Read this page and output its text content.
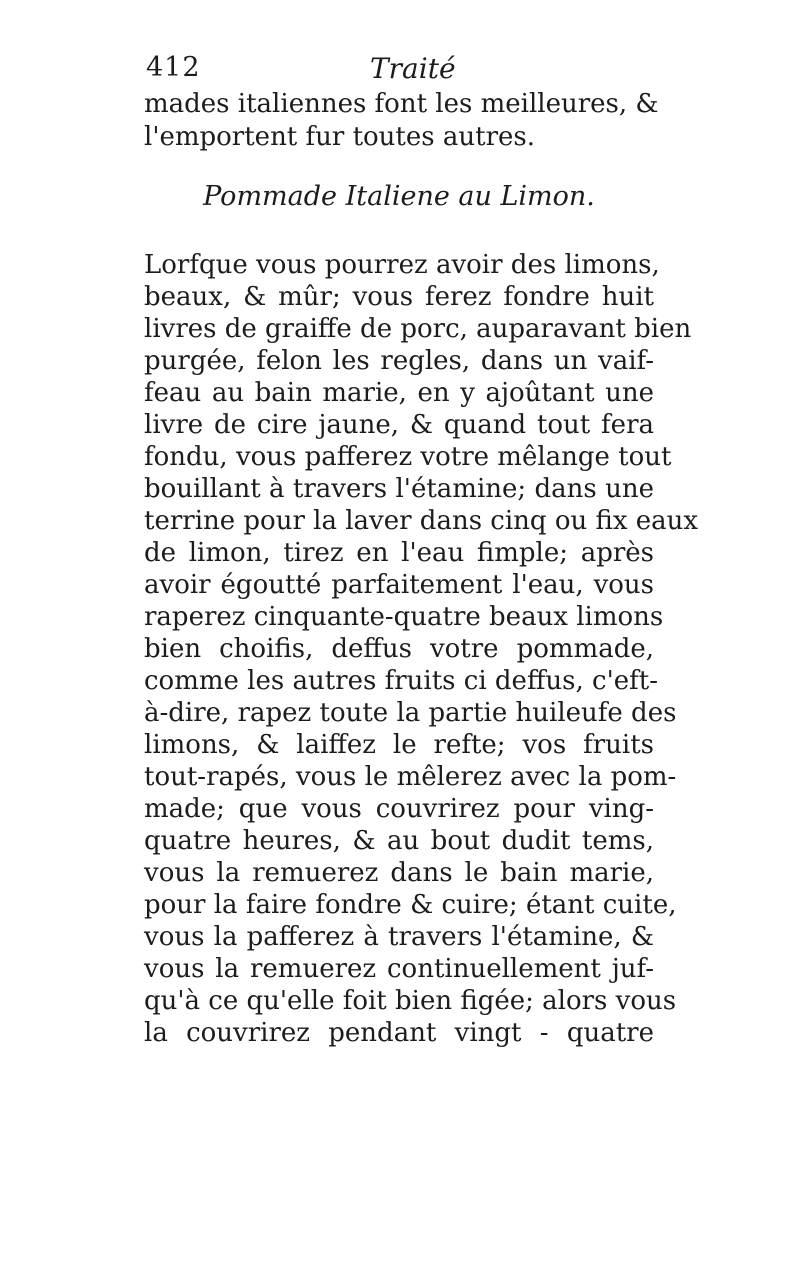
412	Traité
mades italiennes font les meilleures, &
l'emportent fur toutes autres.
Pommade Italiene au Limon.
Lorfque vous pourrez avoir des limons,
beaux, & mûr; vous ferez fondre huit
livres de graiffe de porc, auparavant bien
purgée, felon les regles, dans un vaif-
feau au bain marie, en y ajoûtant une
livre de cire jaune, & quand tout fera
fondu, vous pafferez votre mêlange tout
bouillant à travers l'étamine; dans une
terrine pour la laver dans cinq ou fix eaux
de limon, tirez en l'eau fimple; après
avoir égoutté parfaitement l'eau, vous
raperez cinquante-quatre beaux limons
bien choifis, deffus votre pommade,
comme les autres fruits ci deffus, c'eft-
à-dire, rapez toute la partie huileufe des
limons, & laiffez le refte; vos fruits
tout-rapés, vous le mêlerez avec la pom-
made; que vous couvrirez pour ving-
quatre heures, & au bout dudit tems,
vous la remuerez dans le bain marie,
pour la faire fondre & cuire; étant cuite,
vous la pafferez à travers l'étamine, &
vous la remuerez continuellement juf-
qu'à ce qu'elle foit bien figée; alors vous
la couvrirez pendant vingt - quatre
